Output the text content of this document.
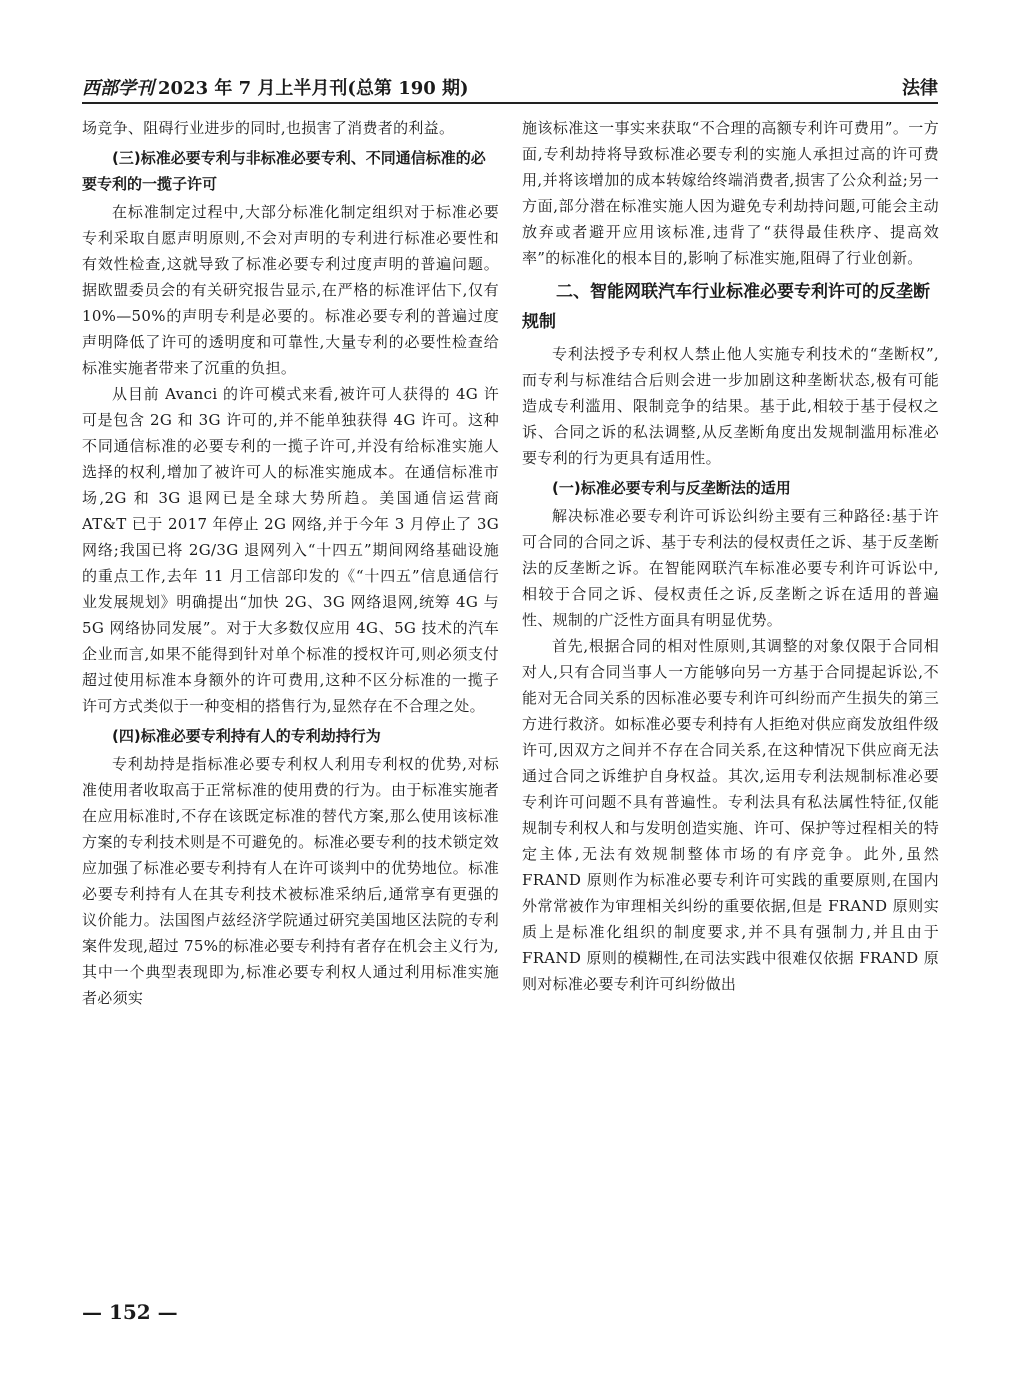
西部学刊 2023 年 7 月上半月刊(总第 190 期)	法律

场竞争、阻碍行业进步的同时,也损害了消费者的利益。

(三)标准必要专利与非标准必要专利、不同通信标准的必要专利的一揽子许可

在标准制定过程中,大部分标准化制定组织对于标准必要专利采取自愿声明原则,不会对声明的专利进行标准必要性和有效性检查,这就导致了标准必要专利过度声明的普遍问题。据欧盟委员会的有关研究报告显示,在严格的标准评估下,仅有 10%—50%的声明专利是必要的。标准必要专利的普遍过度声明降低了许可的透明度和可靠性,大量专利的必要性检查给标准实施者带来了沉重的负担。

从目前 Avanci 的许可模式来看,被许可人获得的 4G 许可是包含 2G 和 3G 许可的,并不能单独获得 4G 许可。这种不同通信标准的必要专利的一揽子许可,并没有给标准实施人选择的权利,增加了被许可人的标准实施成本。在通信标准市场,2G 和 3G 退网已是全球大势所趋。美国通信运营商 AT&T 已于 2017 年停止 2G 网络,并于今年 3 月停止了 3G 网络;我国已将 2G/3G 退网列入“十四五”期间网络基础设施的重点工作,去年 11 月工信部印发的《“十四五”信息通信行业发展规划》明确提出“加快 2G、3G 网络退网,统筹 4G 与 5G 网络协同发展”。对于大多数仅应用 4G、5G 技术的汽车企业而言,如果不能得到针对单个标准的授权许可,则必须支付超过使用标准本身额外的许可费用,这种不区分标准的一揽子许可方式类似于一种变相的搭售行为,显然存在不合理之处。

(四)标准必要专利持有人的专利劫持行为

专利劫持是指标准必要专利权人利用专利权的优势,对标准使用者收取高于正常标准的使用费的行为。由于标准实施者在应用标准时,不存在该既定标准的替代方案,那么使用该标准方案的专利技术则是不可避免的。标准必要专利的技术锁定效应加强了标准必要专利持有人在许可谈判中的优势地位。标准必要专利持有人在其专利技术被标准采纳后,通常享有更强的议价能力。法国图卢兹经济学院通过研究美国地区法院的专利案件发现,超过 75%的标准必要专利持有者存在机会主义行为,其中一个典型表现即为,标准必要专利权人通过利用标准实施者必须实

施该标准这一事实来获取“不合理的高额专利许可费用”。一方面,专利劫持将导致标准必要专利的实施人承担过高的许可费用,并将该增加的成本转嫁给终端消费者,损害了公众利益;另一方面,部分潜在标准实施人因为避免专利劫持问题,可能会主动放弃或者避开应用该标准,违背了“获得最佳秩序、提高效率”的标准化的根本目的,影响了标准实施,阻碍了行业创新。

二、智能网联汽车行业标准必要专利许可的反垄断规制

专利法授予专利权人禁止他人实施专利技术的“垄断权”,而专利与标准结合后则会进一步加剧这种垄断状态,极有可能造成专利滥用、限制竞争的结果。基于此,相较于基于侵权之诉、合同之诉的私法调整,从反垄断角度出发规制滥用标准必要专利的行为更具有适用性。

(一)标准必要专利与反垄断法的适用

解决标准必要专利许可诉讼纠纷主要有三种路径:基于许可合同的合同之诉、基于专利法的侵权责任之诉、基于反垄断法的反垄断之诉。在智能网联汽车标准必要专利许可诉讼中,相较于合同之诉、侵权责任之诉,反垄断之诉在适用的普遍性、规制的广泛性方面具有明显优势。

首先,根据合同的相对性原则,其调整的对象仅限于合同相对人,只有合同当事人一方能够向另一方基于合同提起诉讼,不能对无合同关系的因标准必要专利许可纠纷而产生损失的第三方进行救济。如标准必要专利持有人拒绝对供应商发放组件级许可,因双方之间并不存在合同关系,在这种情况下供应商无法通过合同之诉维护自身权益。其次,运用专利法规制标准必要专利许可问题不具有普遍性。专利法具有私法属性特征,仅能规制专利权人和与发明创造实施、许可、保护等过程相关的特定主体,无法有效规制整体市场的有序竞争。此外,虽然 FRAND 原则作为标准必要专利许可实践的重要原则,在国内外常常被作为审理相关纠纷的重要依据,但是 FRAND 原则实质上是标准化组织的制度要求,并不具有强制力,并且由于 FRAND 原则的模糊性,在司法实践中很难仅依据 FRAND 原则对标准必要专利许可纠纷做出

— 152 —
